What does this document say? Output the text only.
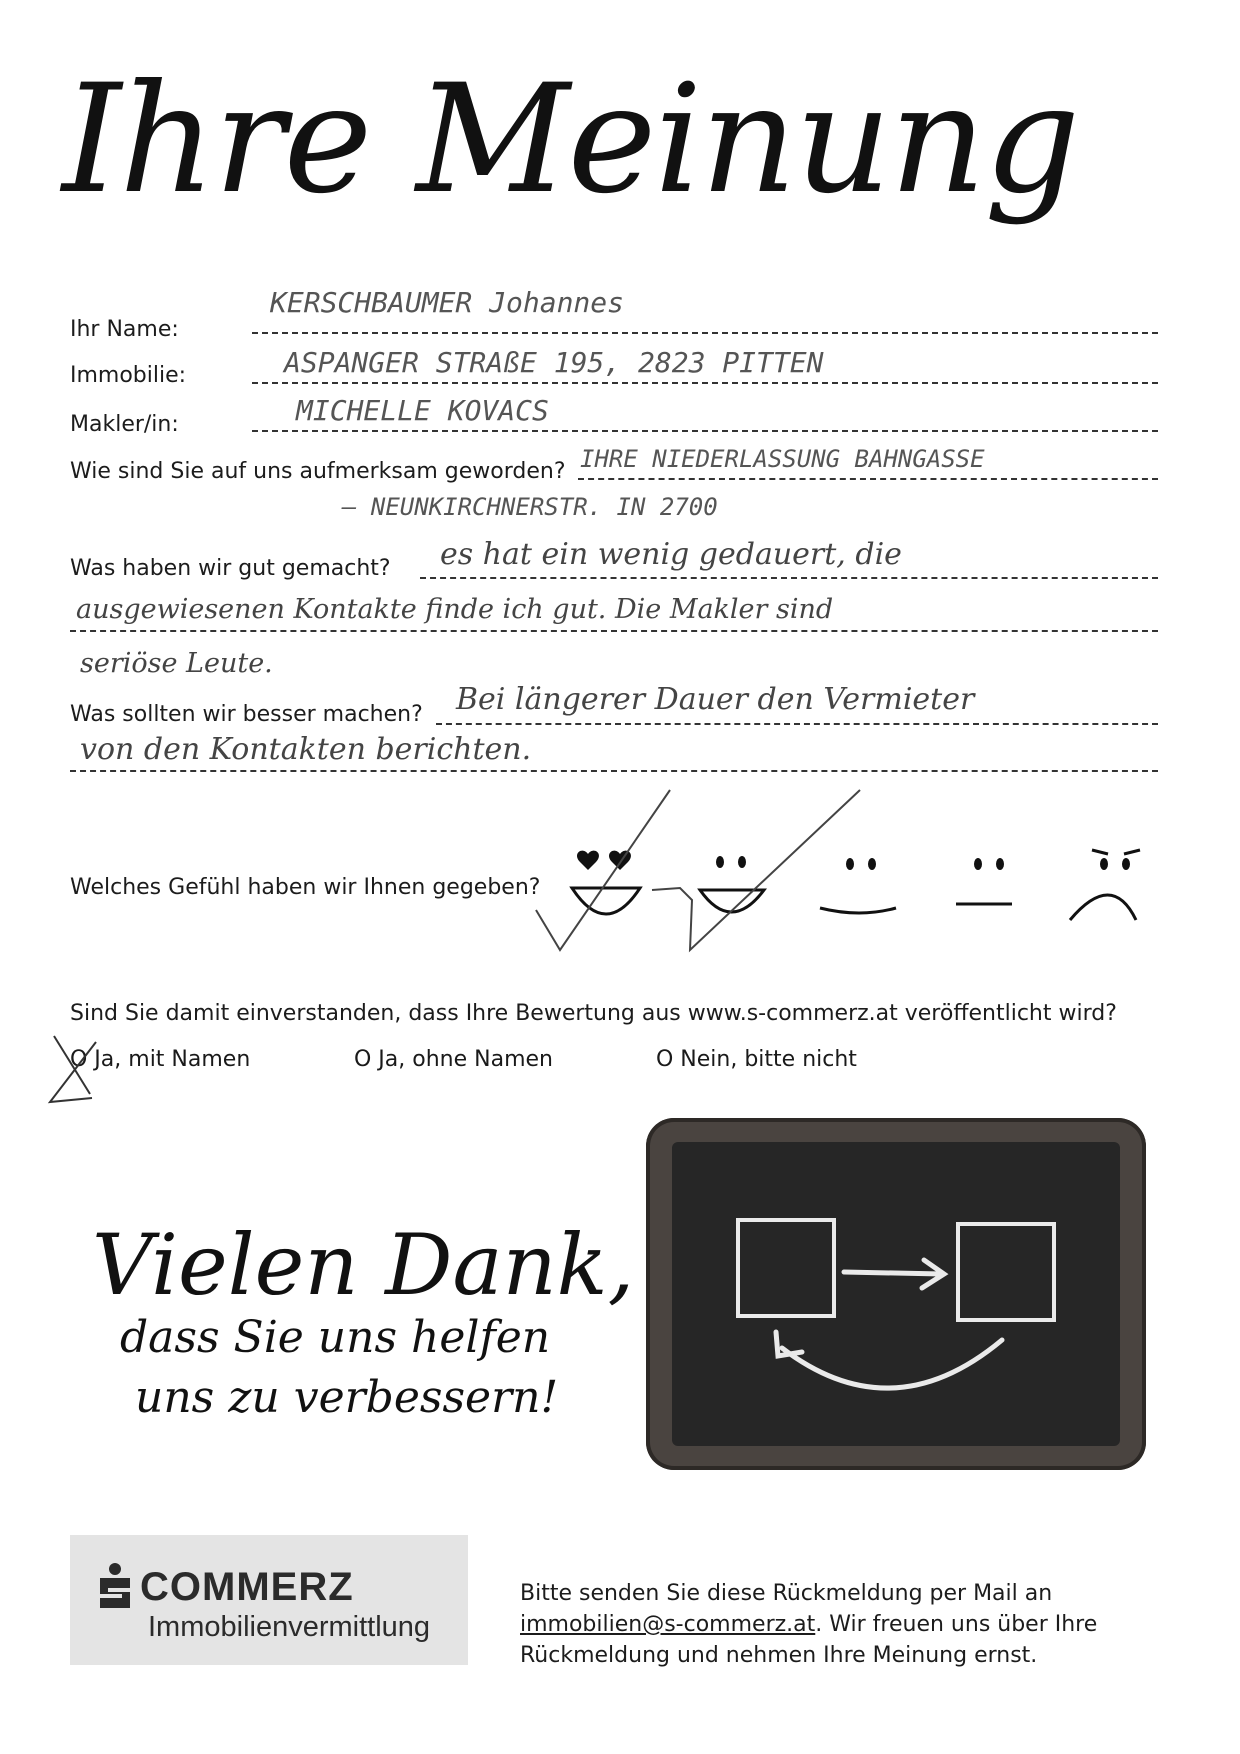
Ihre Meinung
Ihr Name:
KERSCHBAUMER Johannes
Immobilie:	ASPANGER STRAßE 195, 2823 PITTEN
Makler/in:	MICHELLE KOVACS
Wie sind Sie auf uns aufmerksam geworden? IHRE NIEDERLASSUNG BAHNGASSE
– NEUNKIRCHNERSTR. IN 2700
Was haben wir gut gemacht? es hat ein wenig gedauert, die
ausgewiesenen Kontakte finde ich gut. Die Makler sind
seriöse Leute.
Was sollten wir besser machen? Bei längerer Dauer den Vermieter
von den Kontakten berichten.
Welches Gefühl haben wir Ihnen gegeben?
Sind Sie damit einverstanden, dass Ihre Bewertung aus www.s-commerz.at veröffentlicht wird?
O Ja, mit Namen	O Ja, ohne Namen	O Nein, bitte nicht
Vielen Dank,
dass Sie uns helfen
uns zu verbessern!
COMMERZ
Immobilienvermittlung
Bitte senden Sie diese Rückmeldung per Mail an
immobilien@s-commerz.at. Wir freuen uns über Ihre
Rückmeldung und nehmen Ihre Meinung ernst.
